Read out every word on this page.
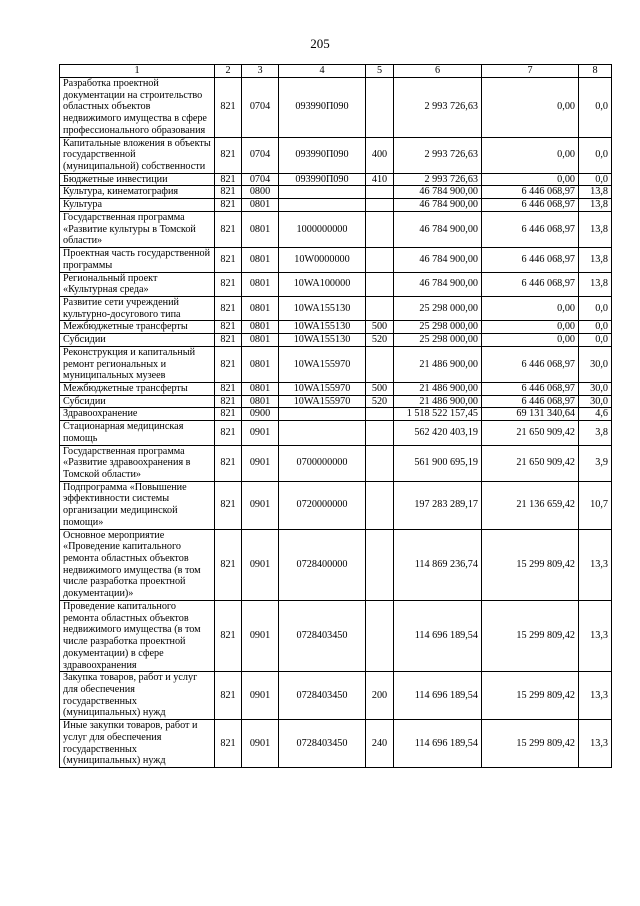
205
1	2	3	4	5	6	7	8
Разработка проектной документации на строительство областных объектов недвижимого имущества в сфере профессионального образования	821	0704	093990П090		2 993 726,63	0,00	0,0
Капитальные вложения в объекты государственной (муниципальной) собственности	821	0704	093990П090	400	2 993 726,63	0,00	0,0
Бюджетные инвестиции	821	0704	093990П090	410	2 993 726,63	0,00	0,0
Культура, кинематография	821	0800			46 784 900,00	6 446 068,97	13,8
Культура	821	0801			46 784 900,00	6 446 068,97	13,8
Государственная программа «Развитие культуры в Томской области»	821	0801	1000000000		46 784 900,00	6 446 068,97	13,8
Проектная часть государственной программы	821	0801	10W0000000		46 784 900,00	6 446 068,97	13,8
Региональный проект «Культурная среда»	821	0801	10WA100000		46 784 900,00	6 446 068,97	13,8
Развитие сети учреждений культурно-досугового типа	821	0801	10WA155130		25 298 000,00	0,00	0,0
Межбюджетные трансферты	821	0801	10WA155130	500	25 298 000,00	0,00	0,0
Субсидии	821	0801	10WA155130	520	25 298 000,00	0,00	0,0
Реконструкция и капитальный ремонт региональных и муниципальных музеев	821	0801	10WA155970		21 486 900,00	6 446 068,97	30,0
Межбюджетные трансферты	821	0801	10WA155970	500	21 486 900,00	6 446 068,97	30,0
Субсидии	821	0801	10WA155970	520	21 486 900,00	6 446 068,97	30,0
Здравоохранение	821	0900			1 518 522 157,45	69 131 340,64	4,6
Стационарная медицинская помощь	821	0901			562 420 403,19	21 650 909,42	3,8
Государственная программа «Развитие здравоохранения в Томской области»	821	0901	0700000000		561 900 695,19	21 650 909,42	3,9
Подпрограмма «Повышение эффективности системы организации медицинской помощи»	821	0901	0720000000		197 283 289,17	21 136 659,42	10,7
Основное мероприятие «Проведение капитального ремонта областных объектов недвижимого имущества (в том числе разработка проектной документации)»	821	0901	0728400000		114 869 236,74	15 299 809,42	13,3
Проведение капитального ремонта областных объектов недвижимого имущества (в том числе разработка проектной документации) в сфере здравоохранения	821	0901	0728403450		114 696 189,54	15 299 809,42	13,3
Закупка товаров, работ и услуг для обеспечения государственных (муниципальных) нужд	821	0901	0728403450	200	114 696 189,54	15 299 809,42	13,3
Иные закупки товаров, работ и услуг для обеспечения государственных (муниципальных) нужд	821	0901	0728403450	240	114 696 189,54	15 299 809,42	13,3
